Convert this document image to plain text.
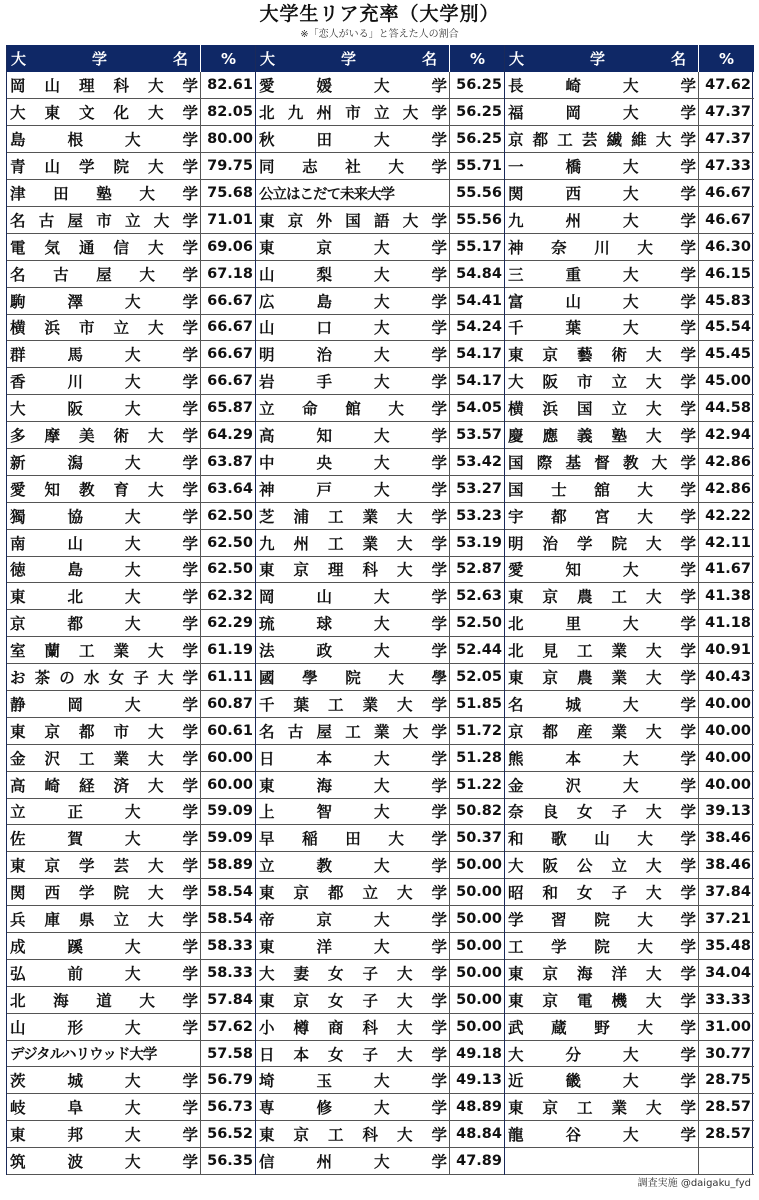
大学生リア充率（大学別）
※「恋人がいる」と答えた人の割合
大 学 名	%
岡山理科大学	82.61
大東文化大学	82.05
島根大学	80.00
青山学院大学	79.75
津田塾大学	75.68
名古屋市立大学	71.01
電気通信大学	69.06
名古屋大学	67.18
駒澤大学	66.67
横浜市立大学	66.67
群馬大学	66.67
香川大学	66.67
大阪大学	65.87
多摩美術大学	64.29
新潟大学	63.87
愛知教育大学	63.64
獨協大学	62.50
南山大学	62.50
徳島大学	62.50
東北大学	62.32
京都大学	62.29
室蘭工業大学	61.19
お茶の水女子大学	61.11
静岡大学	60.87
東京都市大学	60.61
金沢工業大学	60.00
高崎経済大学	60.00
立正大学	59.09
佐賀大学	59.09
東京学芸大学	58.89
関西学院大学	58.54
兵庫県立大学	58.54
成蹊大学	58.33
弘前大学	58.33
北海道大学	57.84
山形大学	57.62
デジタルハリウッド大学	57.58
茨城大学	56.79
岐阜大学	56.73
東邦大学	56.52
筑波大学	56.35
大 学 名	%
愛媛大学	56.25
北九州市立大学	56.25
秋田大学	56.25
同志社大学	55.71
公立はこだて未来大学	55.56
東京外国語大学	55.56
東京大学	55.17
山梨大学	54.84
広島大学	54.41
山口大学	54.24
明治大学	54.17
岩手大学	54.17
立命館大学	54.05
高知大学	53.57
中央大学	53.42
神戸大学	53.27
芝浦工業大学	53.23
九州工業大学	53.19
東京理科大学	52.87
岡山大学	52.63
琉球大学	52.50
法政大学	52.44
國學院大學	52.05
千葉工業大学	51.85
名古屋工業大学	51.72
日本大学	51.28
東海大学	51.22
上智大学	50.82
早稲田大学	50.37
立教大学	50.00
東京都立大学	50.00
帝京大学	50.00
東洋大学	50.00
大妻女子大学	50.00
東京女子大学	50.00
小樽商科大学	50.00
日本女子大学	49.18
埼玉大学	49.13
専修大学	48.89
東京工科大学	48.84
信州大学	47.89
大 学 名	%
長崎大学	47.62
福岡大学	47.37
京都工芸繊維大学	47.37
一橋大学	47.33
関西大学	46.67
九州大学	46.67
神奈川大学	46.30
三重大学	46.15
富山大学	45.83
千葉大学	45.54
東京藝術大学	45.45
大阪市立大学	45.00
横浜国立大学	44.58
慶應義塾大学	42.94
国際基督教大学	42.86
国士舘大学	42.86
宇都宮大学	42.22
明治学院大学	42.11
愛知大学	41.67
東京農工大学	41.38
北里大学	41.18
北見工業大学	40.91
東京農業大学	40.43
名城大学	40.00
京都産業大学	40.00
熊本大学	40.00
金沢大学	40.00
奈良女子大学	39.13
和歌山大学	38.46
大阪公立大学	38.46
昭和女子大学	37.84
学習院大学	37.21
工学院大学	35.48
東京海洋大学	34.04
東京電機大学	33.33
武蔵野大学	31.00
大分大学	30.77
近畿大学	28.75
東京工業大学	28.57
龍谷大学	28.57

調査実施 @daigaku_fyd
